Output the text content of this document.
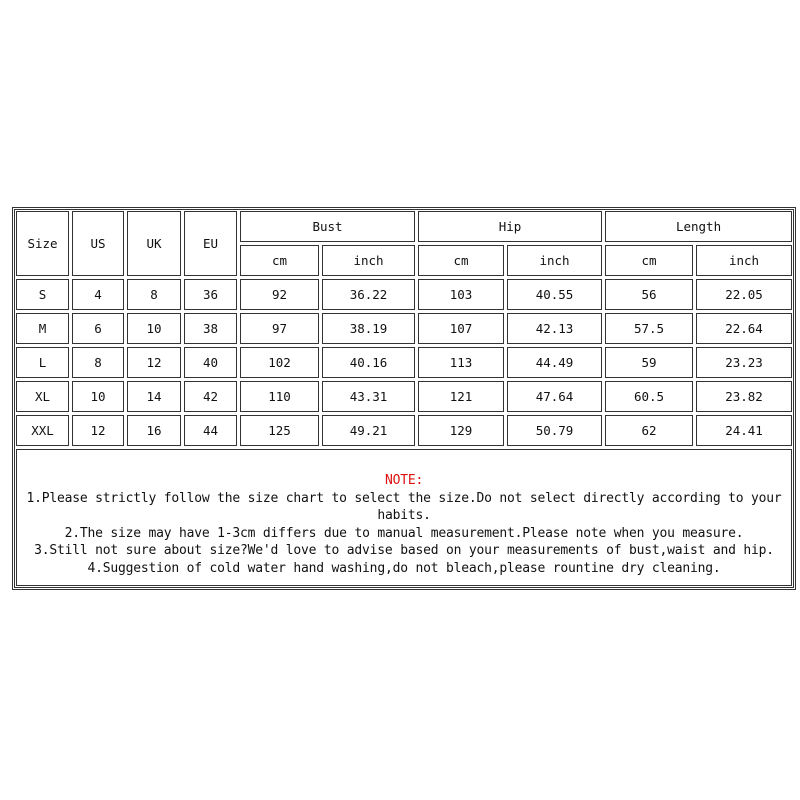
Size	US	UK	EU	Bust		Hip		Length	
				cm	inch	cm	inch	cm	inch
S	4	8	36	92	36.22	103	40.55	56	22.05
M	6	10	38	97	38.19	107	42.13	57.5	22.64
L	8	12	40	102	40.16	113	44.49	59	23.23
XL	10	14	42	110	43.31	121	47.64	60.5	23.82
XXL	12	16	44	125	49.21	129	50.79	62	24.41

NOTE:
1.Please strictly follow the size chart to select the size.Do not select directly according to your habits.
2.The size may have 1-3cm differs due to manual measurement.Please note when you measure.
3.Still not sure about size?We'd love to advise based on your measurements of bust,waist and hip.
4.Suggestion of cold water hand washing,do not bleach,please rountine dry cleaning.									
